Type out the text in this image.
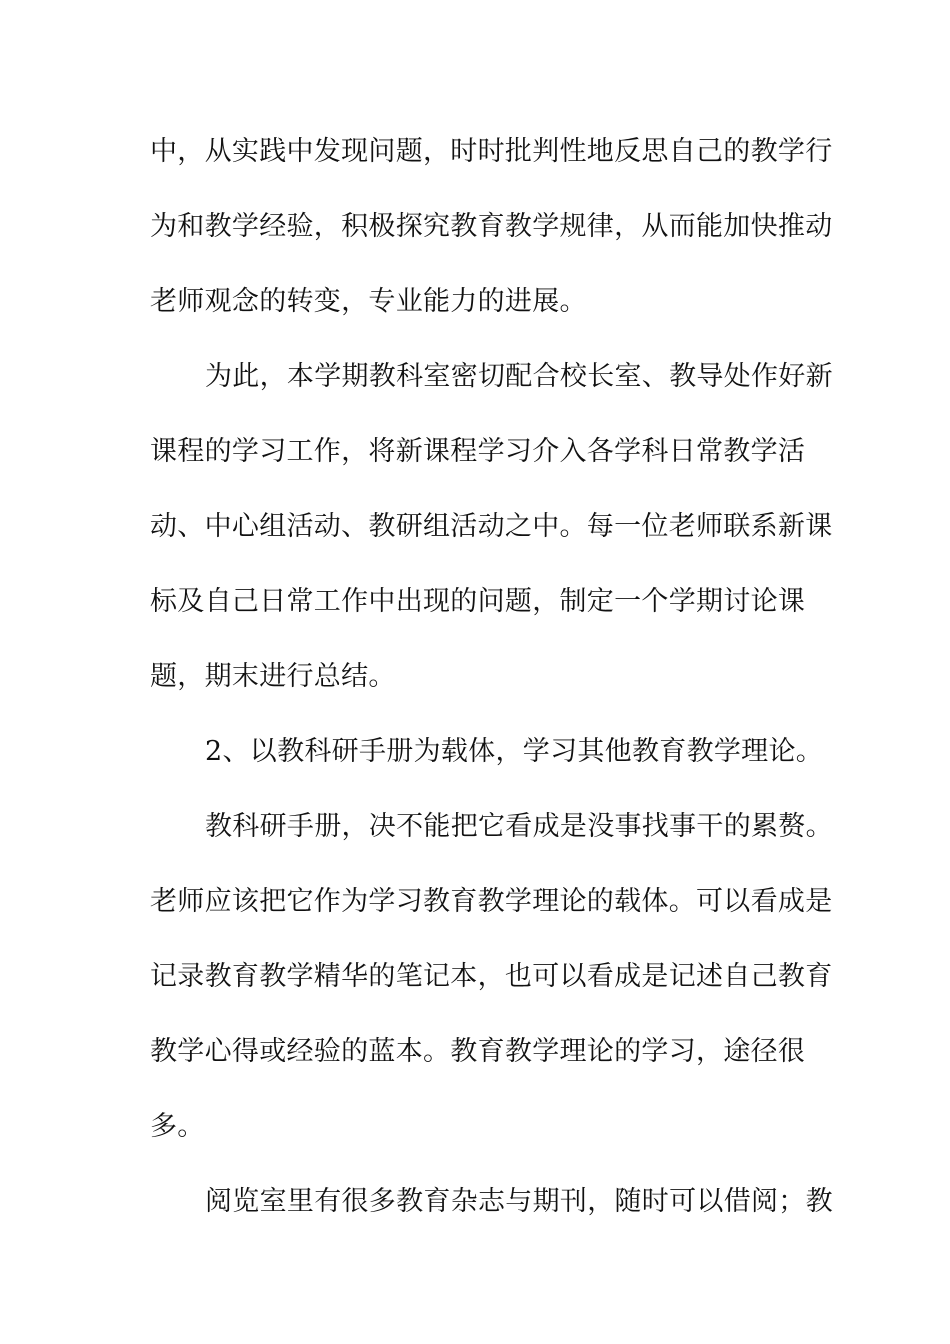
中，从实践中发现问题，时时批判性地反思自己的教学行
为和教学经验，积极探究教育教学规律，从而能加快推动
老师观念的转变，专业能力的进展。
为此，本学期教科室密切配合校长室、教导处作好新
课程的学习工作，将新课程学习介入各学科日常教学活
动、中心组活动、教研组活动之中。每一位老师联系新课
标及自己日常工作中出现的问题，制定一个学期讨论课
题，期末进行总结。
2、以教科研手册为载体，学习其他教育教学理论。
教科研手册，决不能把它看成是没事找事干的累赘。
老师应该把它作为学习教育教学理论的载体。可以看成是
记录教育教学精华的笔记本，也可以看成是记述自己教育
教学心得或经验的蓝本。教育教学理论的学习，途径很
多。
阅览室里有很多教育杂志与期刊，随时可以借阅；教
